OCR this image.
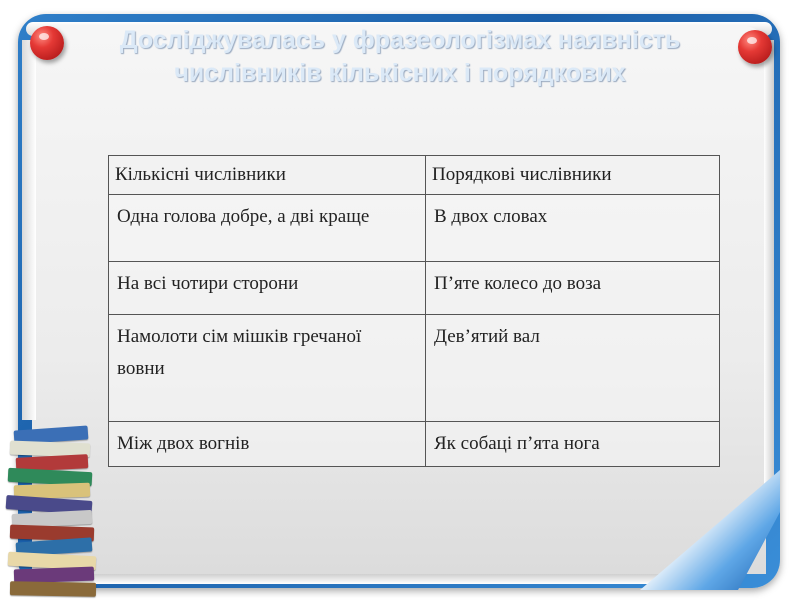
Досліджувалась у фразеологізмах наявність числівників кількісних і порядкових
Кількісні числівники	Порядкові числівники
Одна голова добре, а дві краще	В двох словах
На всі чотири сторони	П’яте колесо до воза
Намолоти сім мішків гречаної
вовни	Дев’ятий вал
Між двох вогнів	Як собаці п’ята нога
